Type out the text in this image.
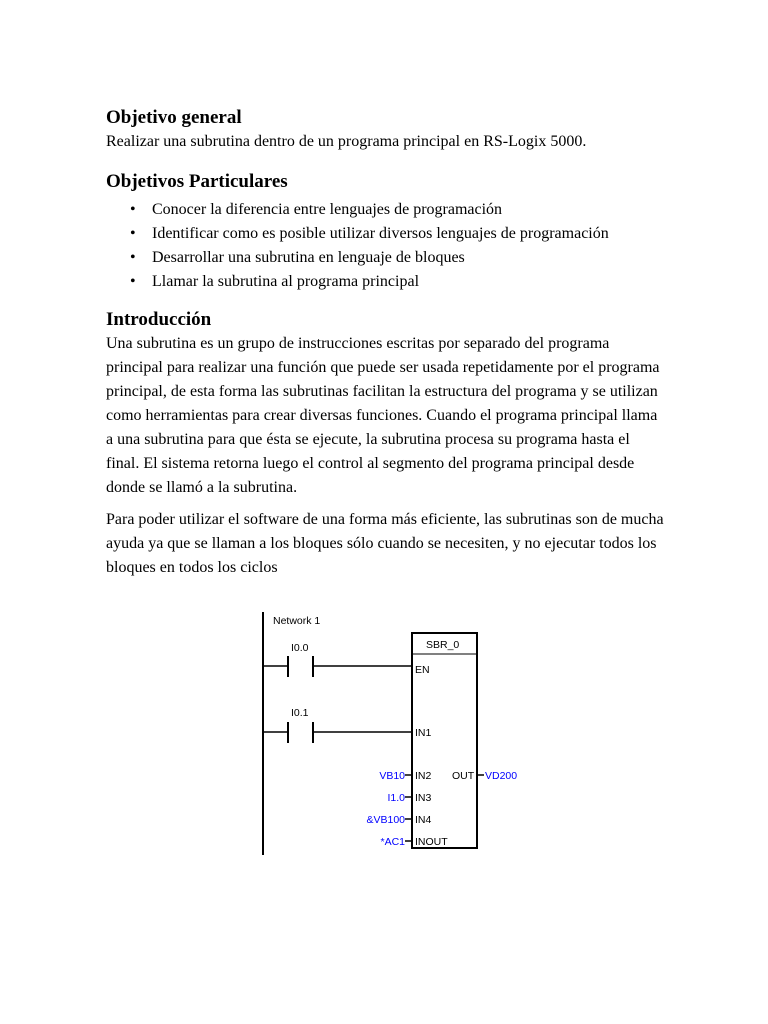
Objetivo general

Realizar una subrutina dentro de un programa principal en RS-Logix 5000.

Objetivos Particulares
• Conocer la diferencia entre lenguajes de programación
• Identificar como es posible utilizar diversos lenguajes de programación
• Desarrollar una subrutina en lenguaje de bloques
• Llamar la subrutina al programa principal
Introducción

Una subrutina es un grupo de instrucciones escritas por separado del programa principal para realizar una función que puede ser usada repetidamente por el programa principal, de esta forma las subrutinas facilitan la estructura del programa y se utilizan como herramientas para crear diversas funciones. Cuando el programa principal llama a una subrutina para que ésta se ejecute, la subrutina procesa su programa hasta el final. El sistema retorna luego el control al segmento del programa principal desde donde se llamó a la subrutina.

Para poder utilizar el software de una forma más eficiente, las subrutinas son de mucha ayuda ya que se llaman a los bloques sólo cuando se necesiten, y no ejecutar todos los bloques en todos los ciclos

Network 1
I0.0
I0.1
SBR_0
EN
IN1
IN2
IN3
IN4
INOUT
OUT
VB10
I1.0
&VB100
*AC1
VD200
